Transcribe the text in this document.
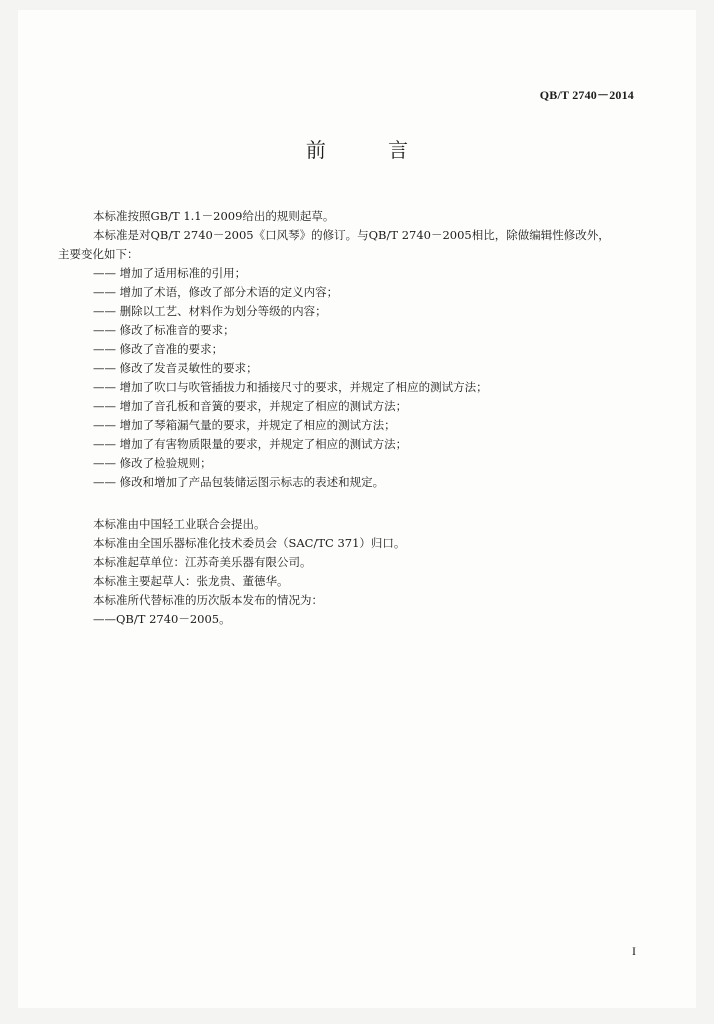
QB/T 2740－2014
前 言
本标准按照GB/T 1.1－2009给出的规则起草。
本标准是对QB/T 2740－2005《口风琴》的修订。与QB/T 2740－2005相比，除做编辑性修改外，
主要变化如下：
—— 增加了适用标准的引用；
—— 增加了术语，修改了部分术语的定义内容；
—— 删除以工艺、材料作为划分等级的内容；
—— 修改了标准音的要求；
—— 修改了音准的要求；
—— 修改了发音灵敏性的要求；
—— 增加了吹口与吹管插拔力和插接尺寸的要求，并规定了相应的测试方法；
—— 增加了音孔板和音簧的要求，并规定了相应的测试方法；
—— 增加了琴箱漏气量的要求，并规定了相应的测试方法；
—— 增加了有害物质限量的要求，并规定了相应的测试方法；
—— 修改了检验规则；
—— 修改和增加了产品包装储运图示标志的表述和规定。
本标准由中国轻工业联合会提出。
本标准由全国乐器标准化技术委员会（SAC/TC 371）归口。
本标准起草单位：江苏奇美乐器有限公司。
本标准主要起草人：张龙贵、董德华。
本标准所代替标准的历次版本发布的情况为：
——QB/T 2740－2005。
I
